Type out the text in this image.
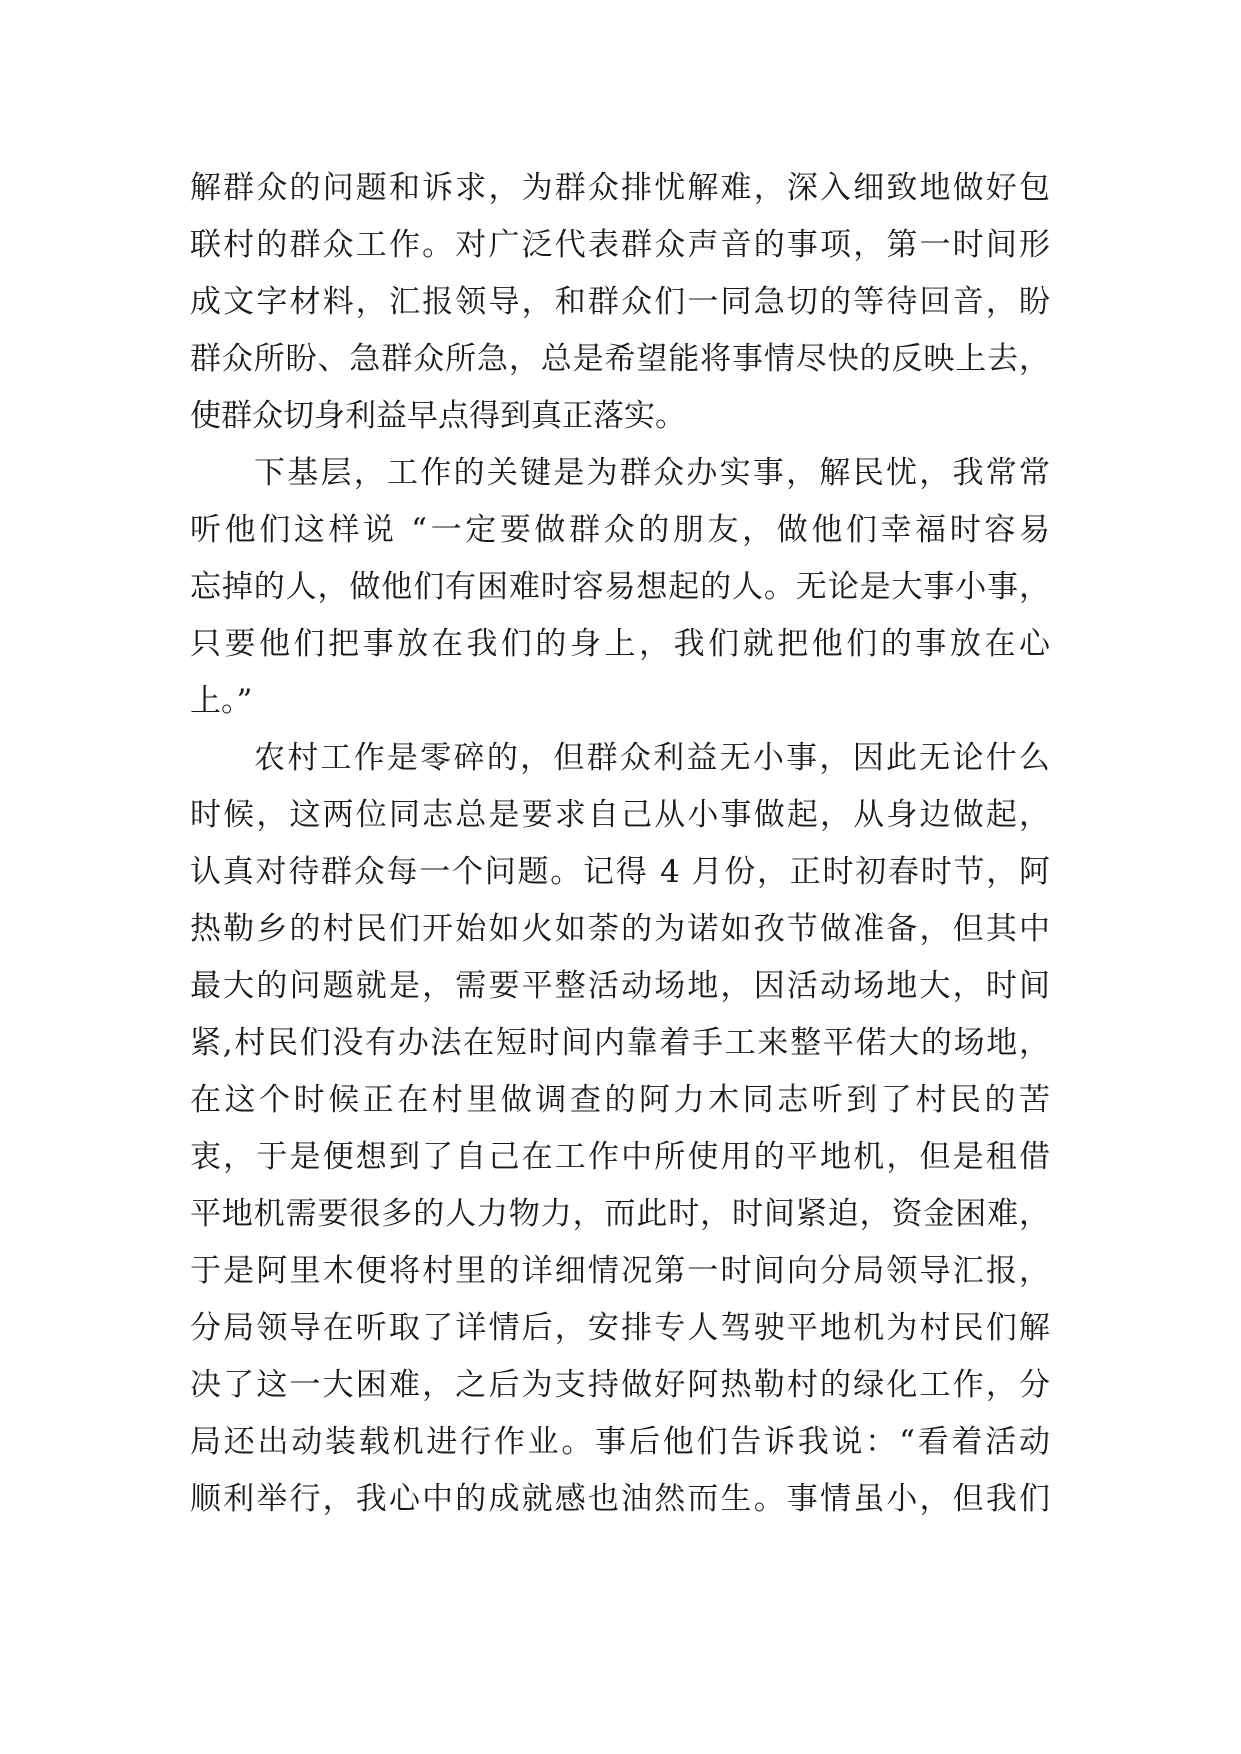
解群众的问题和诉求，为群众排忧解难，深入细致地做好包
联村的群众工作。对广泛代表群众声音的事项，第一时间形
成文字材料，汇报领导，和群众们一同急切的等待回音，盼
群众所盼、急群众所急，总是希望能将事情尽快的反映上去，
使群众切身利益早点得到真正落实。
下基层，工作的关键是为群众办实事，解民忧，我常常
听他们这样说 “一定要做群众的朋友，做他们幸福时容易
忘掉的人，做他们有困难时容易想起的人。无论是大事小事，
只要他们把事放在我们的身上，我们就把他们的事放在心
上。”
农村工作是零碎的，但群众利益无小事，因此无论什么
时候，这两位同志总是要求自己从小事做起，从身边做起，
认真对待群众每一个问题。记得 4 月份，正时初春时节，阿
热勒乡的村民们开始如火如荼的为诺如孜节做准备，但其中
最大的问题就是，需要平整活动场地，因活动场地大，时间
紧,村民们没有办法在短时间内靠着手工来整平偌大的场地，
在这个时候正在村里做调查的阿力木同志听到了村民的苦
衷，于是便想到了自己在工作中所使用的平地机，但是租借
平地机需要很多的人力物力，而此时，时间紧迫，资金困难，
于是阿里木便将村里的详细情况第一时间向分局领导汇报，
分局领导在听取了详情后，安排专人驾驶平地机为村民们解
决了这一大困难，之后为支持做好阿热勒村的绿化工作，分
局还出动装载机进行作业。事后他们告诉我说：“看着活动
顺利举行，我心中的成就感也油然而生。事情虽小，但我们
